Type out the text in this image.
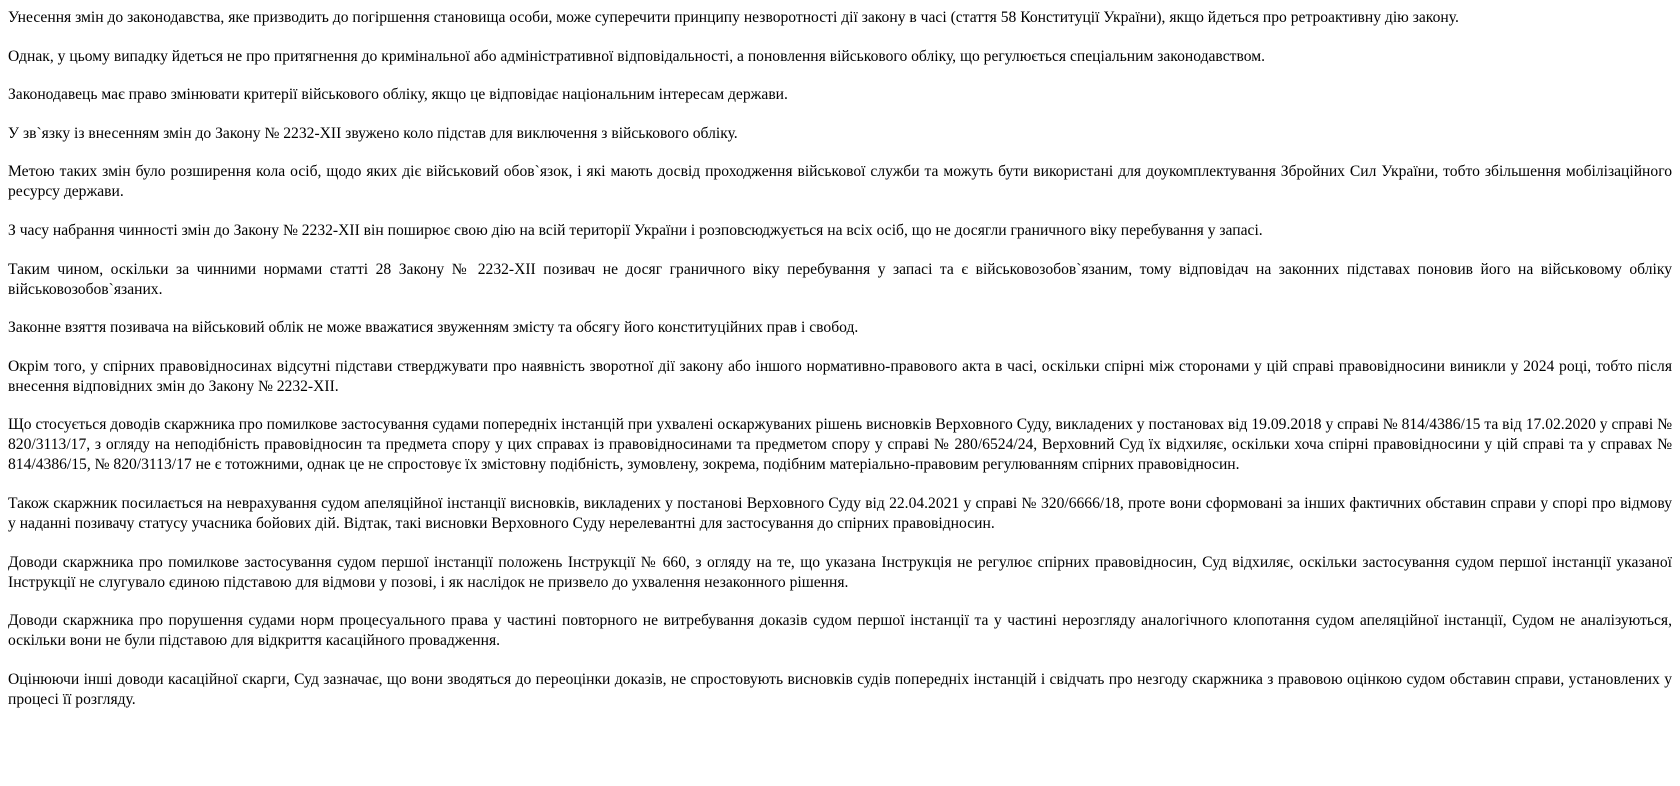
Унесення змін до законодавства, яке призводить до погіршення становища особи, може суперечити принципу незворотності дії закону в часі (стаття 58 Конституції України), якщо йдеться про ретроактивну дію закону.

Однак, у цьому випадку йдеться не про притягнення до кримінальної або адміністративної відповідальності, а поновлення військового обліку, що регулюється спеціальним законодавством.

Законодавець має право змінювати критерії військового обліку, якщо це відповідає національним інтересам держави.

У зв`язку із внесенням змін до Закону № 2232-XII звужено коло підстав для виключення з військового обліку.

Метою таких змін було розширення кола осіб, щодо яких діє військовий обов`язок, і які мають досвід проходження військової служби та можуть бути використані для доукомплектування Збройних Сил України, тобто збільшення мобілізаційного ресурсу держави.

З часу набрання чинності змін до Закону № 2232-XII він поширює свою дію на всій території України і розповсюджується на всіх осіб, що не досягли граничного віку перебування у запасі.

Таким чином, оскільки за чинними нормами статті 28 Закону № 2232-XII позивач не досяг граничного віку перебування у запасі та є військовозобов`язаним, тому відповідач на законних підставах поновив його на військовому обліку військовозобов`язаних.

Законне взяття позивача на військовий облік не може вважатися звуженням змісту та обсягу його конституційних прав і свобод.

Окрім того, у спірних правовідносинах відсутні підстави стверджувати про наявність зворотної дії закону або іншого нормативно-правового акта в часі, оскільки спірні між сторонами у цій справі правовідносини виникли у 2024 році, тобто після внесення відповідних змін до Закону № 2232-XII.

Що стосується доводів скаржника про помилкове застосування судами попередніх інстанцій при ухвалені оскаржуваних рішень висновків Верховного Суду, викладених у постановах від 19.09.2018 у справі № 814/4386/15 та від 17.02.2020 у справі № 820/3113/17, з огляду на неподібність правовідносин та предмета спору у цих справах із правовідносинами та предметом спору у справі № 280/6524/24, Верховний Суд їх відхиляє, оскільки хоча спірні правовідносини у цій справі та у справах № 814/4386/15, № 820/3113/17 не є тотожними, однак це не спростовує їх змістовну подібність, зумовлену, зокрема, подібним матеріально-правовим регулюванням спірних правовідносин.

Також скаржник посилається на неврахування судом апеляційної інстанції висновків, викладених у постанові Верховного Суду від 22.04.2021 у справі № 320/6666/18, проте вони сформовані за інших фактичних обставин справи у спорі про відмову у наданні позивачу статусу учасника бойових дій. Відтак, такі висновки Верховного Суду нерелевантні для застосування до спірних правовідносин.

Доводи скаржника про помилкове застосування судом першої інстанції положень Інструкції № 660, з огляду на те, що указана Інструкція не регулює спірних правовідносин, Суд відхиляє, оскільки застосування судом першої інстанції указаної Інструкції не слугувало єдиною підставою для відмови у позові, і як наслідок не призвело до ухвалення незаконного рішення.

Доводи скаржника про порушення судами норм процесуального права у частині повторного не витребування доказів судом першої інстанції та у частині нерозгляду аналогічного клопотання судом апеляційної інстанції, Судом не аналізуються, оскільки вони не були підставою для відкриття касаційного провадження.

Оцінюючи інші доводи касаційної скарги, Суд зазначає, що вони зводяться до переоцінки доказів, не спростовують висновків судів попередніх інстанцій і свідчать про незгоду скаржника з правовою оцінкою судом обставин справи, установлених у процесі її розгляду.
